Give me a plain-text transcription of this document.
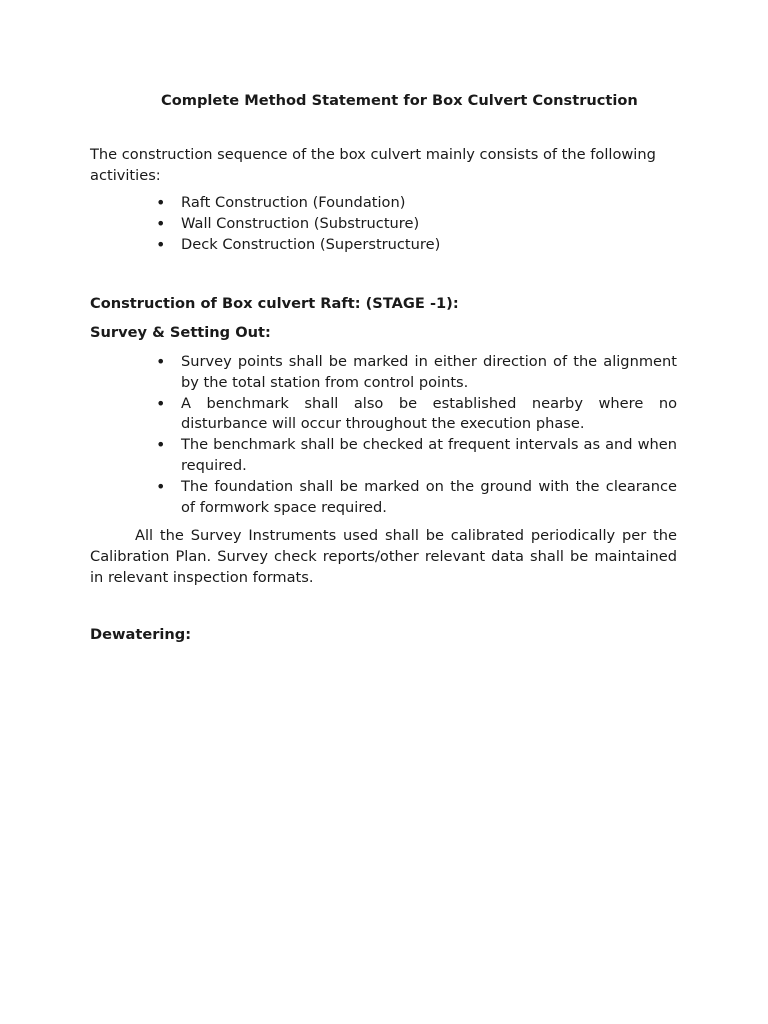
Complete Method Statement for Box Culvert Construction

The construction sequence of the box culvert mainly consists of the following activities:

• Raft Construction (Foundation)
• Wall Construction (Substructure)
• Deck Construction (Superstructure)
Construction of Box culvert Raft: (STAGE -1):
Survey & Setting Out:
• Survey points shall be marked in either direction of the alignment by the total station from control points.
• A benchmark shall also be established nearby where no disturbance will occur throughout the execution phase.
• The benchmark shall be checked at frequent intervals as and when required.
• The foundation shall be marked on the ground with the clearance of formwork space required.

All the Survey Instruments used shall be calibrated periodically per the Calibration Plan. Survey check reports/other relevant data shall be maintained in relevant inspection formats.

Dewatering:
